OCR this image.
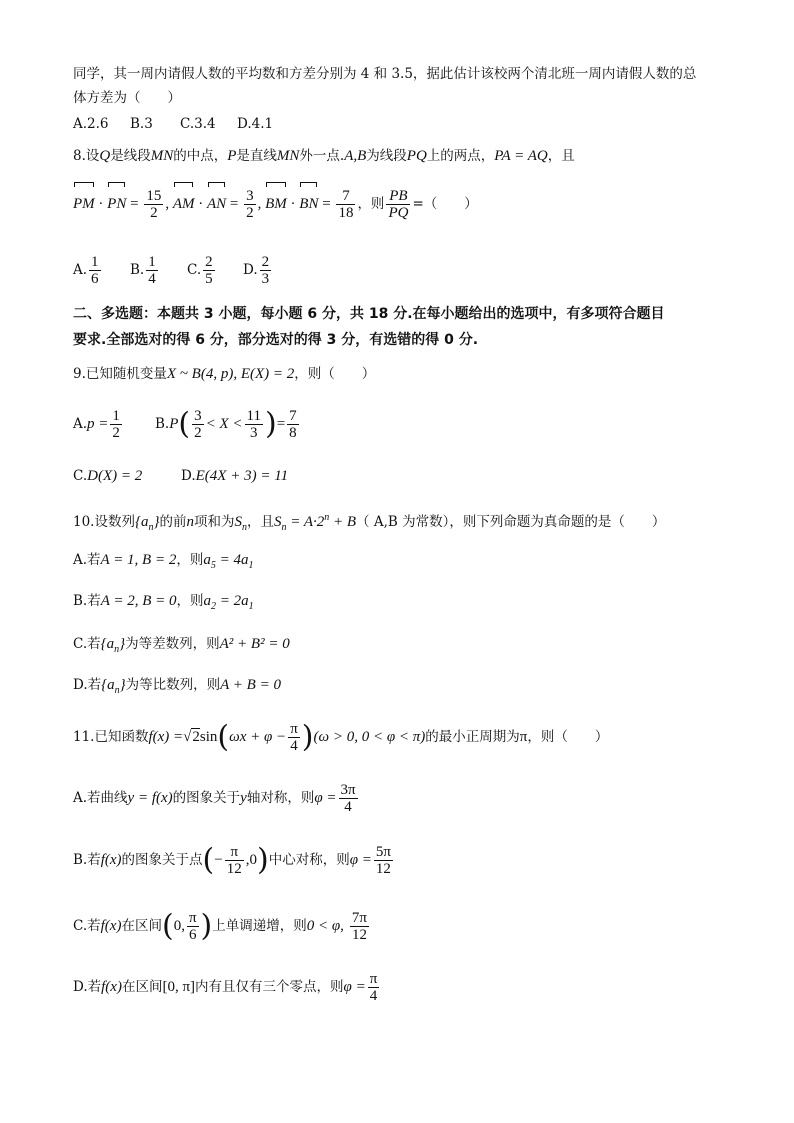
同学，其一周内请假人数的平均数和方差分别为 4 和 3.5，据此估计该校两个清北班一周内请假人数的总
体方差为（　　）
A.2.6 B.3 C.3.4 D.4.1
8.设Q是线段MN的中点，P是直线MN外一点.A,B为线段PQ上的两点，PA = AQ，且
PM · PN = $\frac{15}{2}$ , AM · AN = $\frac{3}{2}$ , BM · BN = $\frac{7}{18}$ ，则 $\frac{PB}{PQ}$ =（　　）
A. $\frac{1}{6} B$. $\frac{1}{4} C$. $\frac{2}{5} D$. $\frac{2}{3}$
二、多选题：本题共 3 小题，每小题 6 分，共 18 分.在每小题给出的选项中，有多项符合题目
要求.全部选对的得 6 分，部分选对的得 3 分，有选错的得 0 分.
9.已知随机变量X ~ B(4, p), E(X) = 2，则（　　）
$A.p = \frac{1}{2} B.P( \frac{3}{2} < X < \frac{11}{3}$ )= $\frac{7}{8}$
C.D(X) = 2	D.E(4X + 3) = 11
10.设数列$\{a_n\}$的前n项和为$S_n$，且$S_n = A\cdot 2^n + B$（ A,B 为常数），则下列命题为真命题的是（　　）
A.若A = 1, B = 2，则$a_5 = 4a_1$
B.若A = 2, B = 0，则$a_2 = 2a_1$
C.若$\{a_n\}$为等差数列，则A² + B² = 0
D.若$\{a_n\}$为等比数列，则A + B = 0
11.已知函数$f(x) =√2\sin(\omega x + \varphi - \frac{\pi}{4} )(\omega > 0$, 0 < φ < π)的最小正周期为π，则（　　）
A.若曲线y = f(x)的图象关于y轴对称，则$\varphi = \frac{3\pi}{4}$
B.若f(x)的图象关于点(− $\frac{\pi}{12} ,0$)中心对称，则$\varphi = \frac{5\pi}{12}$
C.若f(x)在区间(0, $\frac{\pi}{6}$ )上单调递增，则0 < φ, $\frac{7\pi}{12}$
D.若f(x)在区间[0, π]内有且仅有三个零点，则$\varphi = \frac{\pi}{4}$
